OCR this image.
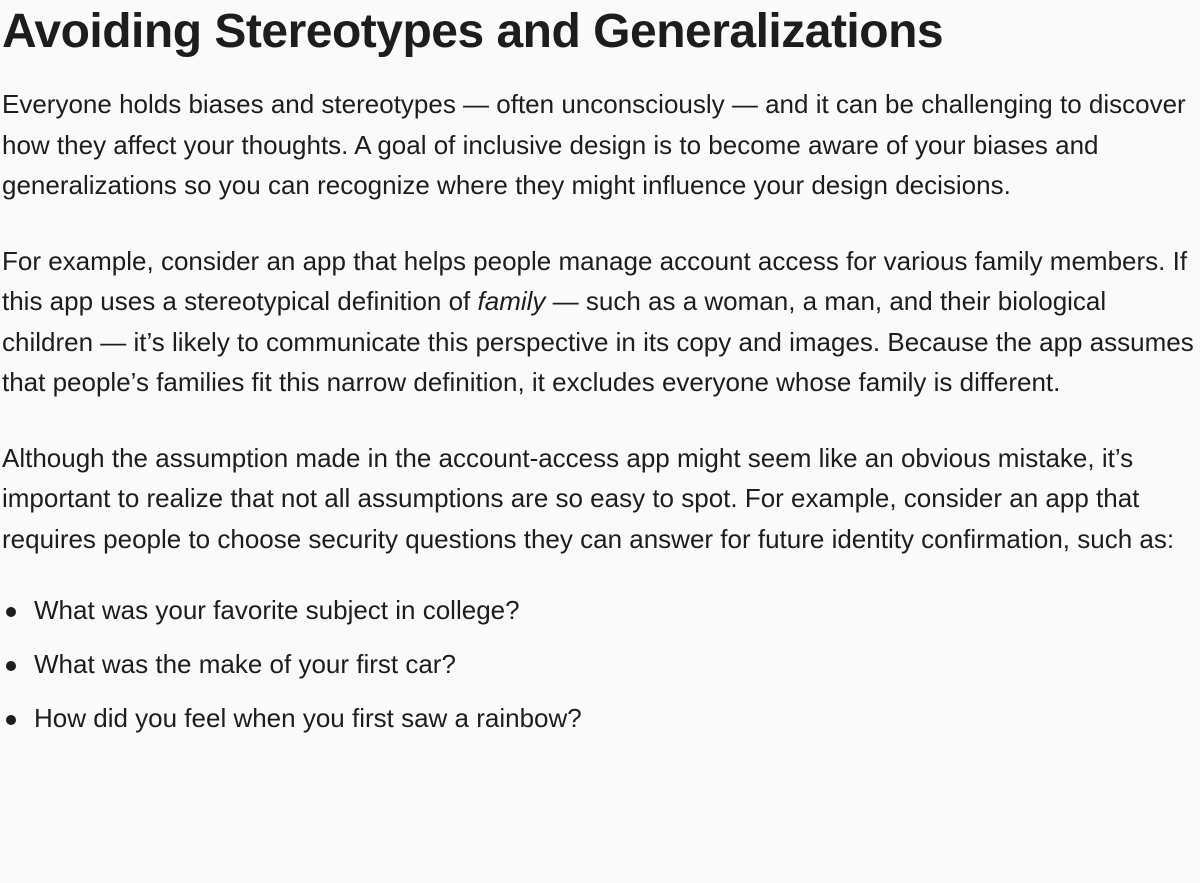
Avoiding Stereotypes and Generalizations

Everyone holds biases and stereotypes — often unconsciously — and it can be challenging to discover how they affect your thoughts. A goal of inclusive design is to become aware of your biases and generalizations so you can recognize where they might influence your design decisions.

For example, consider an app that helps people manage account access for various family members. If this app uses a stereotypical definition of family — such as a woman, a man, and their biological children — it’s likely to communicate this perspective in its copy and images. Because the app assumes that people’s families fit this narrow definition, it excludes everyone whose family is different.

Although the assumption made in the account-access app might seem like an obvious mistake, it’s important to realize that not all assumptions are so easy to spot. For example, consider an app that requires people to choose security questions they can answer for future identity confirmation, such as:

What was your favorite subject in college?
What was the make of your first car?
How did you feel when you first saw a rainbow?
